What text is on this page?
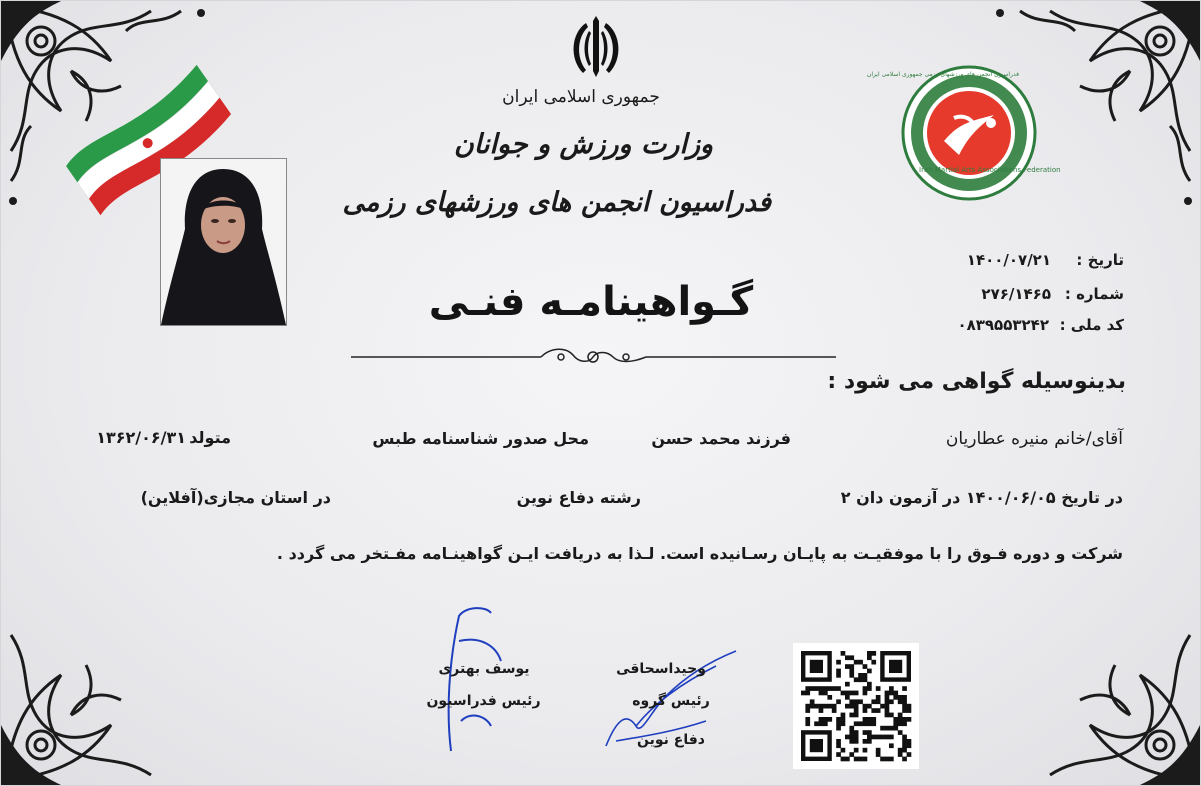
جمهوری اسلامی ایران
وزارت ورزش و جوانان
فدراسیون انجمن های ورزشهای رزمی
گـواهینامـه فنـی
Iran Martial Arts Associations Federation
فدراسیون انجمن های ورزشهای رزمی جمهوری اسلامی ایران
تاریخ :
۱۴۰۰/۰۷/۲۱
شماره :
۲۷۶/۱۴۶۵
کد ملی :
۰۸۳۹۵۵۳۲۴۲
بدینوسیله گواهی می شود :
آقای/خانم منیره عطاریان
فرزند محمد حسن
محل صدور شناسنامه طبس
متولد
۱۳۶۲/۰۶/۳۱
در تاریخ ۱۴۰۰/۰۶/۰۵ در آزمون دان ۲
رشته دفاع نوین
در استان مجازی(آفلاین)
شرکت و دوره فـوق را با موفقیـت به پایـان رسـانیده است. لـذا به دریافت ایـن گواهینـامه مفـتخر می گردد .
یوسف بهتری
رئیس فدراسیون
وحیداسحاقی
رئیس گروه
دفاع نوین
